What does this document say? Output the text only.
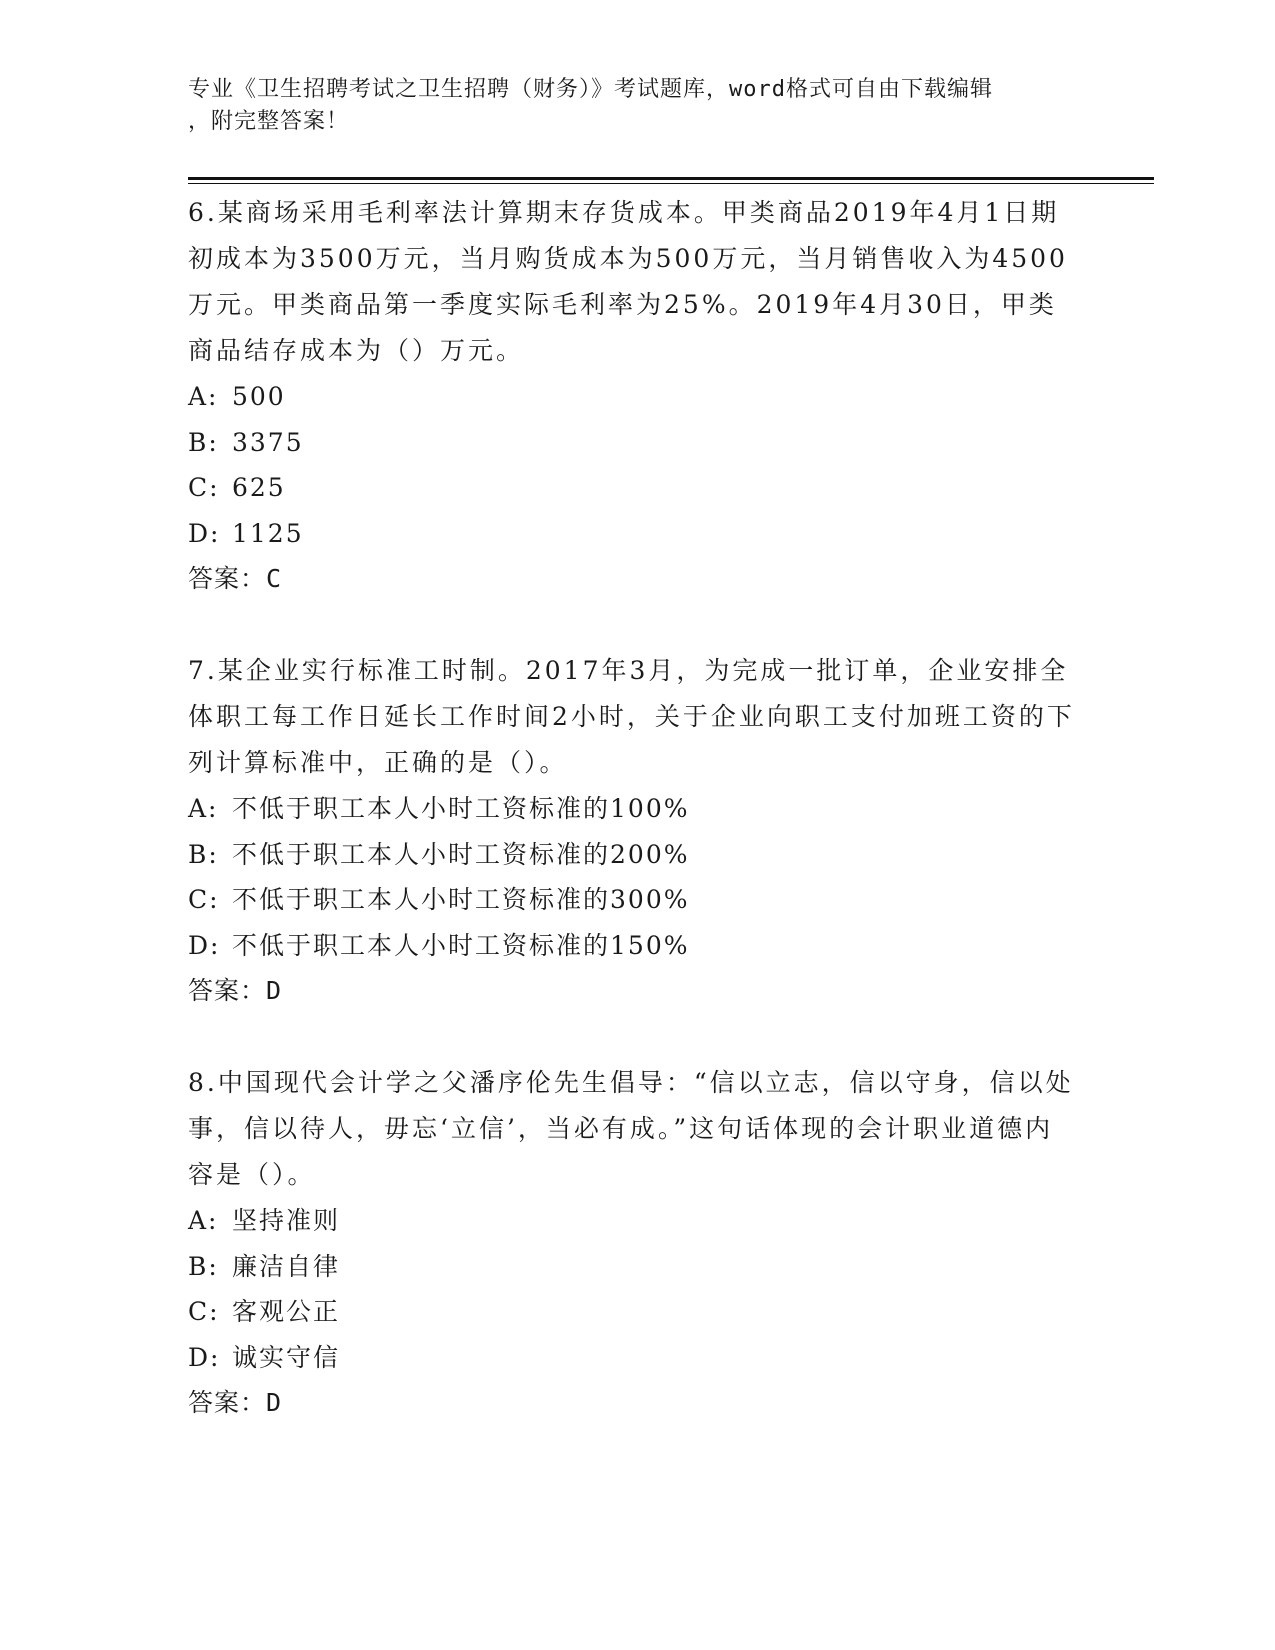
专业《卫生招聘考试之卫生招聘（财务）》考试题库，word格式可自由下载编辑
，附完整答案！

6.某商场采用毛利率法计算期末存货成本。甲类商品2019年4月1日期初成本为3500万元，当月购货成本为500万元，当月销售收入为4500万元。甲类商品第一季度实际毛利率为25%。2019年4月30日，甲类商品结存成本为（）万元。

A: 500

B: 3375

C: 625

D: 1125

答案：C

7.某企业实行标准工时制。2017年3月，为完成一批订单，企业安排全体职工每工作日延长工作时间2小时，关于企业向职工支付加班工资的下列计算标准中，正确的是（）。

A: 不低于职工本人小时工资标准的100%

B: 不低于职工本人小时工资标准的200%

C: 不低于职工本人小时工资标准的300%

D: 不低于职工本人小时工资标准的150%

答案：D

8.中国现代会计学之父潘序伦先生倡导：“信以立志，信以守身，信以处事，信以待人，毋忘‘立信’，当必有成。”这句话体现的会计职业道德内容是（）。

A: 坚持准则

B: 廉洁自律

C: 客观公正

D: 诚实守信

答案：D
